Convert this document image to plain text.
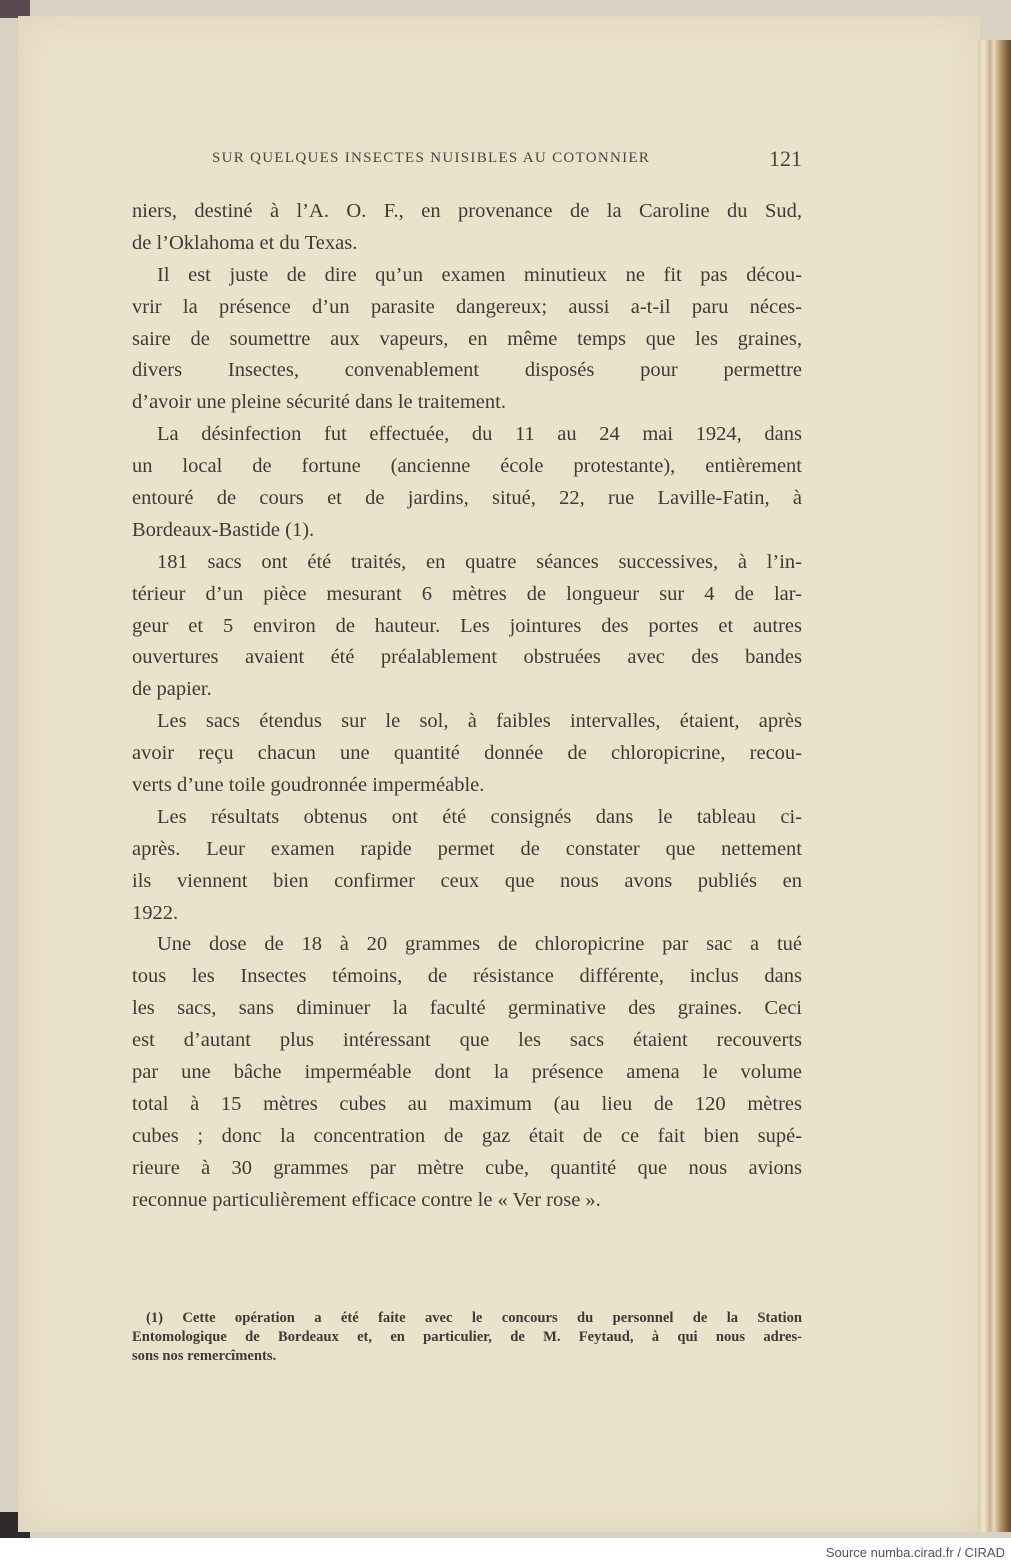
SUR QUELQUES INSECTES NUISIBLES AU COTONNIER	121
niers, destiné à l’A. O. F., en provenance de la Caroline du Sud,
de l’Oklahoma et du Texas.
Il est juste de dire qu’un examen minutieux ne fit pas décou-
vrir la présence d’un parasite dangereux; aussi a-t-il paru néces-
saire de soumettre aux vapeurs, en même temps que les graines,
divers Insectes, convenablement disposés pour permettre
d’avoir une pleine sécurité dans le traitement.
La désinfection fut effectuée, du 11 au 24 mai 1924, dans
un local de fortune (ancienne école protestante), entièrement
entouré de cours et de jardins, situé, 22, rue Laville-Fatin, à
Bordeaux-Bastide (1).
181 sacs ont été traités, en quatre séances successives, à l’in-
térieur d’un pièce mesurant 6 mètres de longueur sur 4 de lar-
geur et 5 environ de hauteur. Les jointures des portes et autres
ouvertures avaient été préalablement obstruées avec des bandes
de papier.
Les sacs étendus sur le sol, à faibles intervalles, étaient, après
avoir reçu chacun une quantité donnée de chloropicrine, recou-
verts d’une toile goudronnée imperméable.
Les résultats obtenus ont été consignés dans le tableau ci-
après. Leur examen rapide permet de constater que nettement
ils viennent bien confirmer ceux que nous avons publiés en
1922.
Une dose de 18 à 20 grammes de chloropicrine par sac a tué
tous les Insectes témoins, de résistance différente, inclus dans
les sacs, sans diminuer la faculté germinative des graines. Ceci
est d’autant plus intéressant que les sacs étaient recouverts
par une bâche imperméable dont la présence amena le volume
total à 15 mètres cubes au maximum (au lieu de 120 mètres
cubes ; donc la concentration de gaz était de ce fait bien supé-
rieure à 30 grammes par mètre cube, quantité que nous avions
reconnue particulièrement efficace contre le « Ver rose ».
(1) Cette opération a été faite avec le concours du personnel de la Station
Entomologique de Bordeaux et, en particulier, de M. Feytaud, à qui nous adres-
sons nos remercîments.
Source numba.cirad.fr / CIRAD
